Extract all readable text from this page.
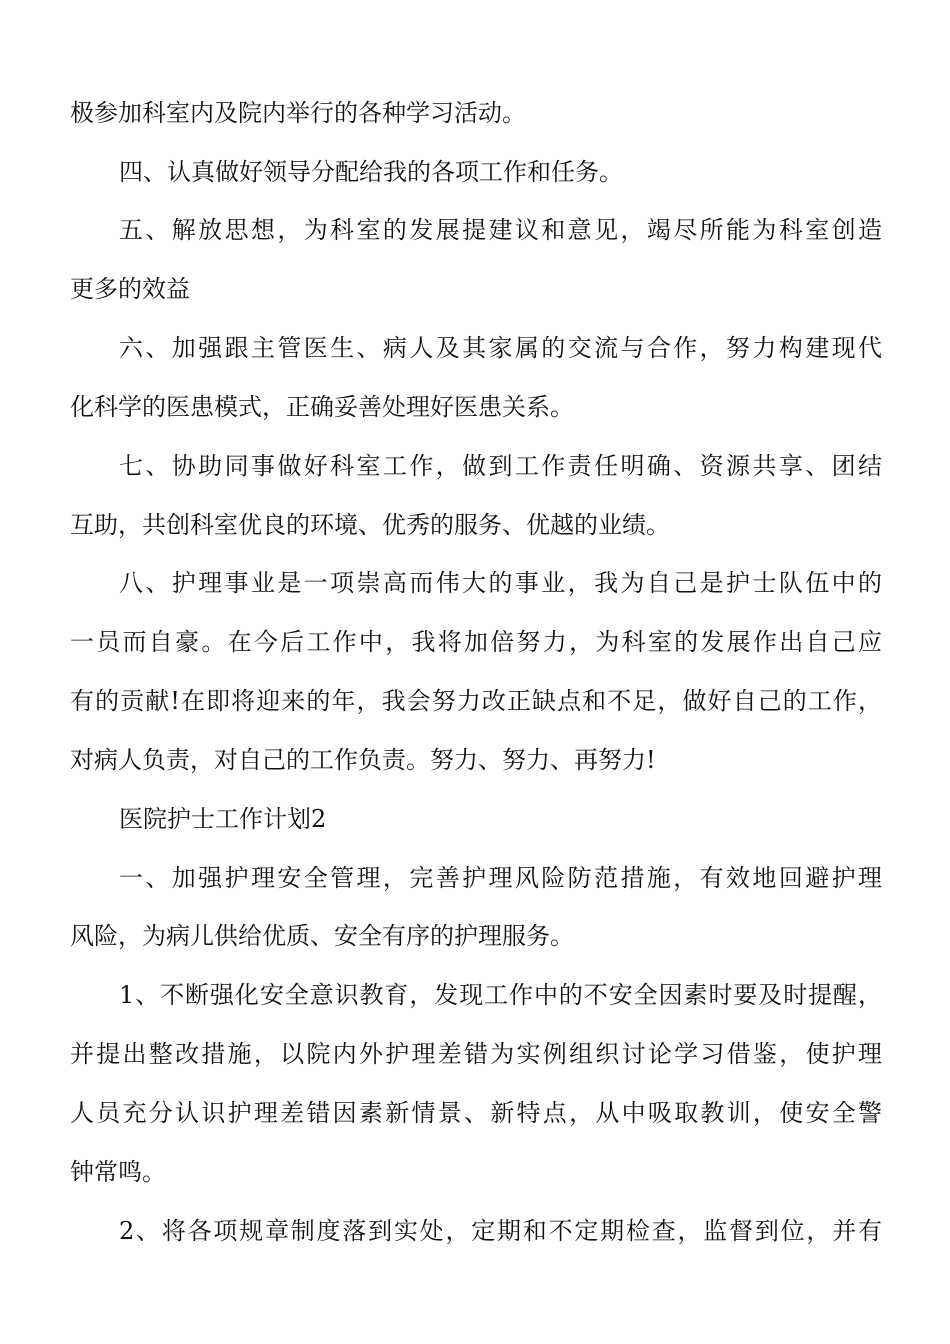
极参加科室内及院内举行的各种学习活动。
四、认真做好领导分配给我的各项工作和任务。
五、解放思想，为科室的发展提建议和意见，竭尽所能为科室创造
更多的效益
六、加强跟主管医生、病人及其家属的交流与合作，努力构建现代
化科学的医患模式，正确妥善处理好医患关系。
七、协助同事做好科室工作，做到工作责任明确、资源共享、团结
互助，共创科室优良的环境、优秀的服务、优越的业绩。
八、护理事业是一项崇高而伟大的事业，我为自己是护士队伍中的
一员而自豪。在今后工作中，我将加倍努力，为科室的发展作出自己应
有的贡献!在即将迎来的年，我会努力改正缺点和不足，做好自己的工作，
对病人负责，对自己的工作负责。努力、努力、再努力!
医院护士工作计划2
一、加强护理安全管理，完善护理风险防范措施，有效地回避护理
风险，为病儿供给优质、安全有序的护理服务。
1、不断强化安全意识教育，发现工作中的不安全因素时要及时提醒，
并提出整改措施，以院内外护理差错为实例组织讨论学习借鉴，使护理
人员充分认识护理差错因素新情景、新特点，从中吸取教训，使安全警
钟常鸣。
2、将各项规章制度落到实处，定期和不定期检查，监督到位，并有
